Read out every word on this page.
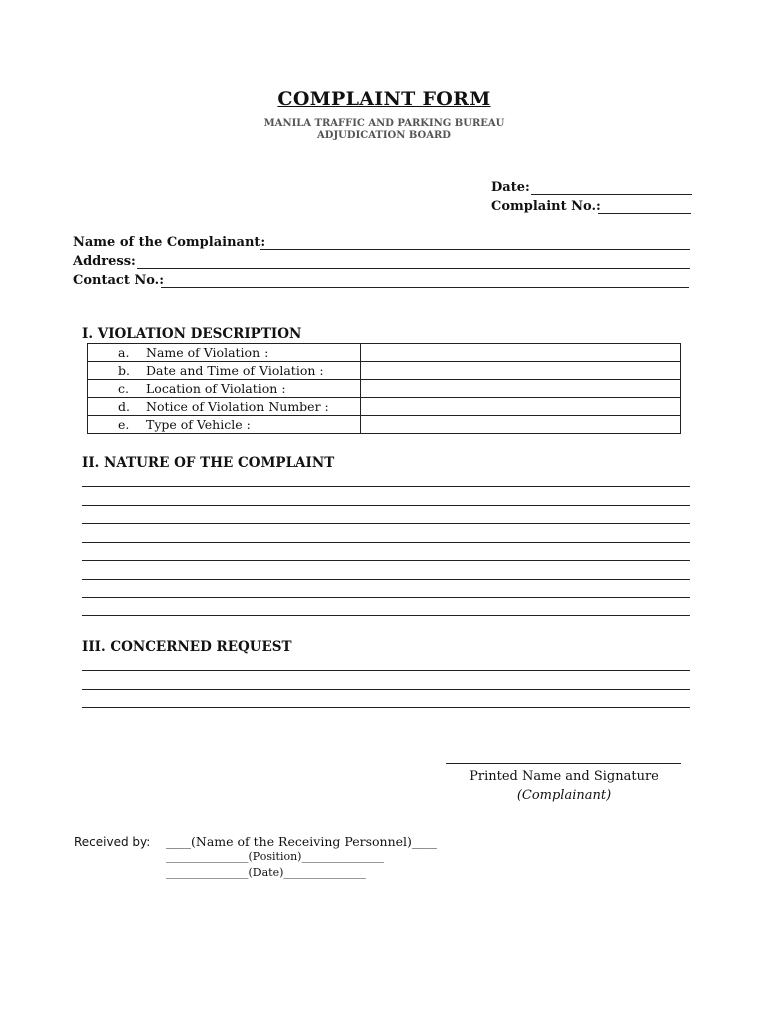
COMPLAINT FORM
MANILA TRAFFIC AND PARKING BUREAU
ADJUDICATION BOARD
Date:
Complaint No.:
Name of the Complainant:
Address:
Contact No.:
I. VIOLATION DESCRIPTION
a. Name of Violation :	
b. Date and Time of Violation :	
c. Location of Violation :	
d. Notice of Violation Number :	
e. Type of Vehicle :	
II. NATURE OF THE COMPLAINT
III. CONCERNED REQUEST
Printed Name and Signature
(Complainant)
Received by: ____(Name of the Receiving Personnel)____
_______________(Position)_______________
_______________(Date)_______________
